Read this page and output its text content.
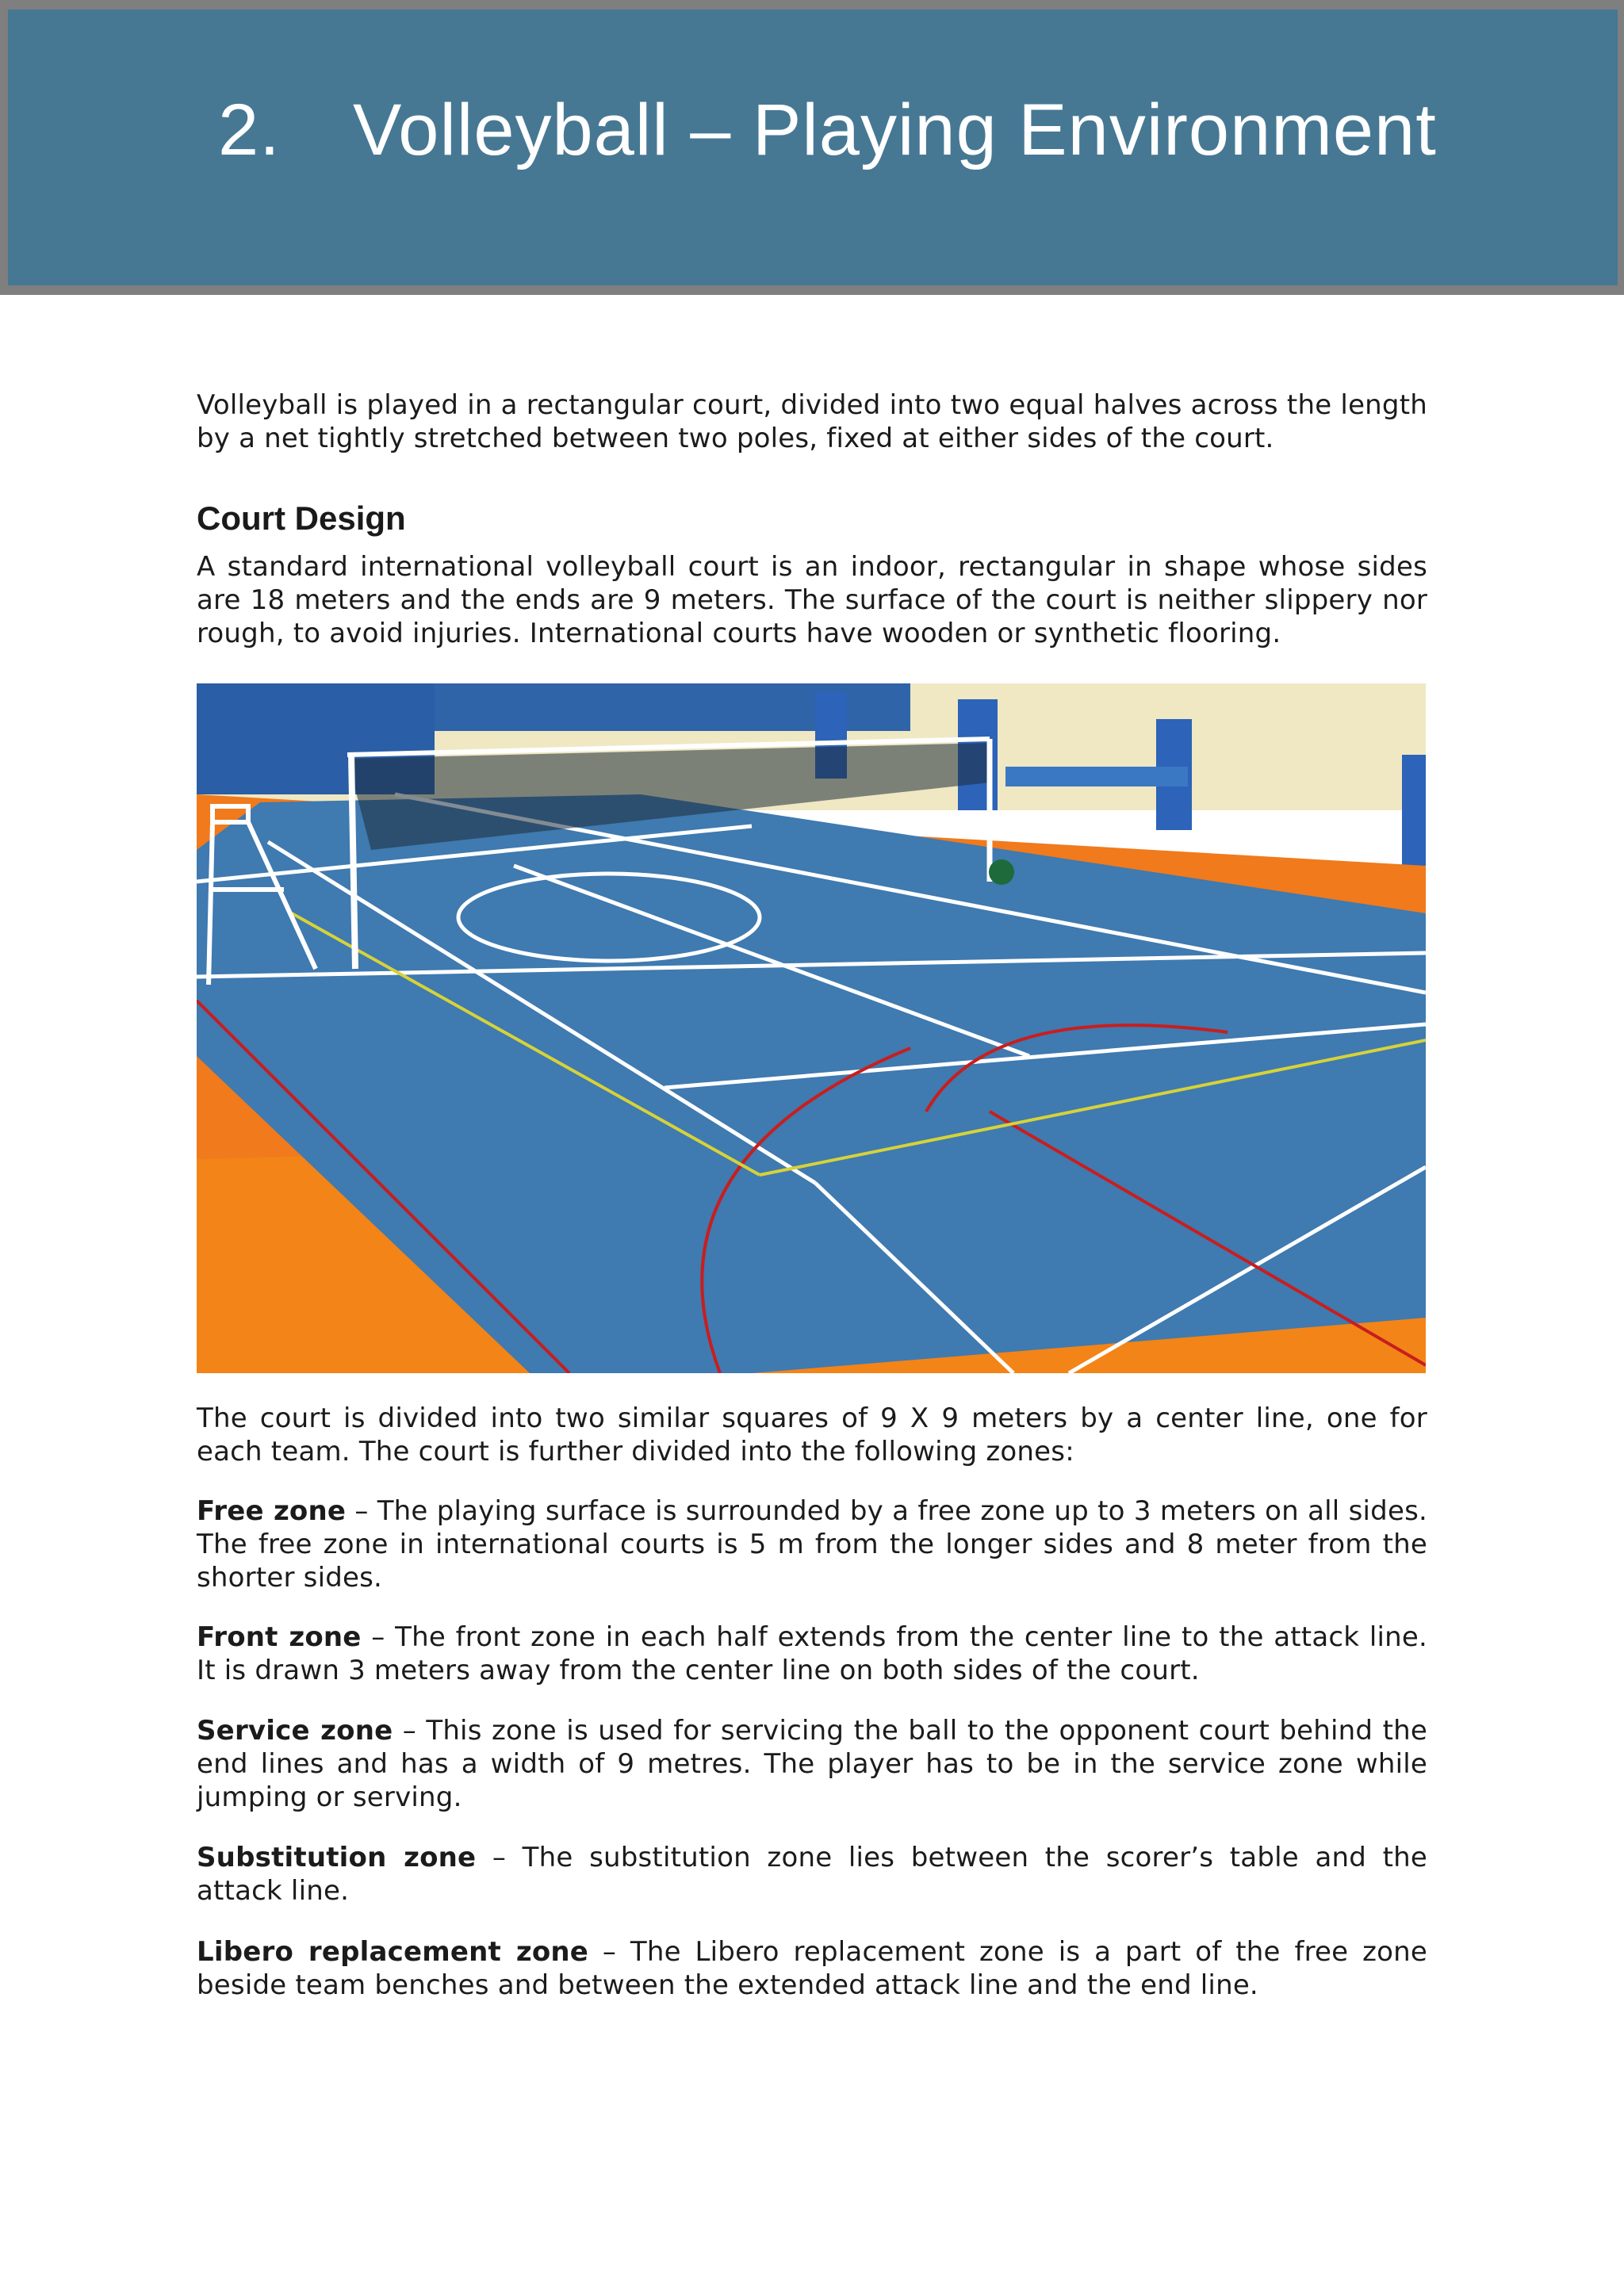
2. Volleyball – Playing Environment

Volleyball is played in a rectangular court, divided into two equal halves across the length by a net tightly stretched between two poles, fixed at either sides of the court.

Court Design

A standard international volleyball court is an indoor, rectangular in shape whose sides are 18 meters and the ends are 9 meters. The surface of the court is neither slippery nor rough, to avoid injuries. International courts have wooden or synthetic flooring.

The court is divided into two similar squares of 9 X 9 meters by a center line, one for each team. The court is further divided into the following zones:

Free zone – The playing surface is surrounded by a free zone up to 3 meters on all sides. The free zone in international courts is 5 m from the longer sides and 8 meter from the shorter sides.

Front zone – The front zone in each half extends from the center line to the attack line. It is drawn 3 meters away from the center line on both sides of the court.

Service zone – This zone is used for servicing the ball to the opponent court behind the end lines and has a width of 9 metres. The player has to be in the service zone while jumping or serving.

Substitution zone – The substitution zone lies between the scorer’s table and the attack line.

Libero replacement zone – The Libero replacement zone is a part of the free zone beside team benches and between the extended attack line and the end line.
